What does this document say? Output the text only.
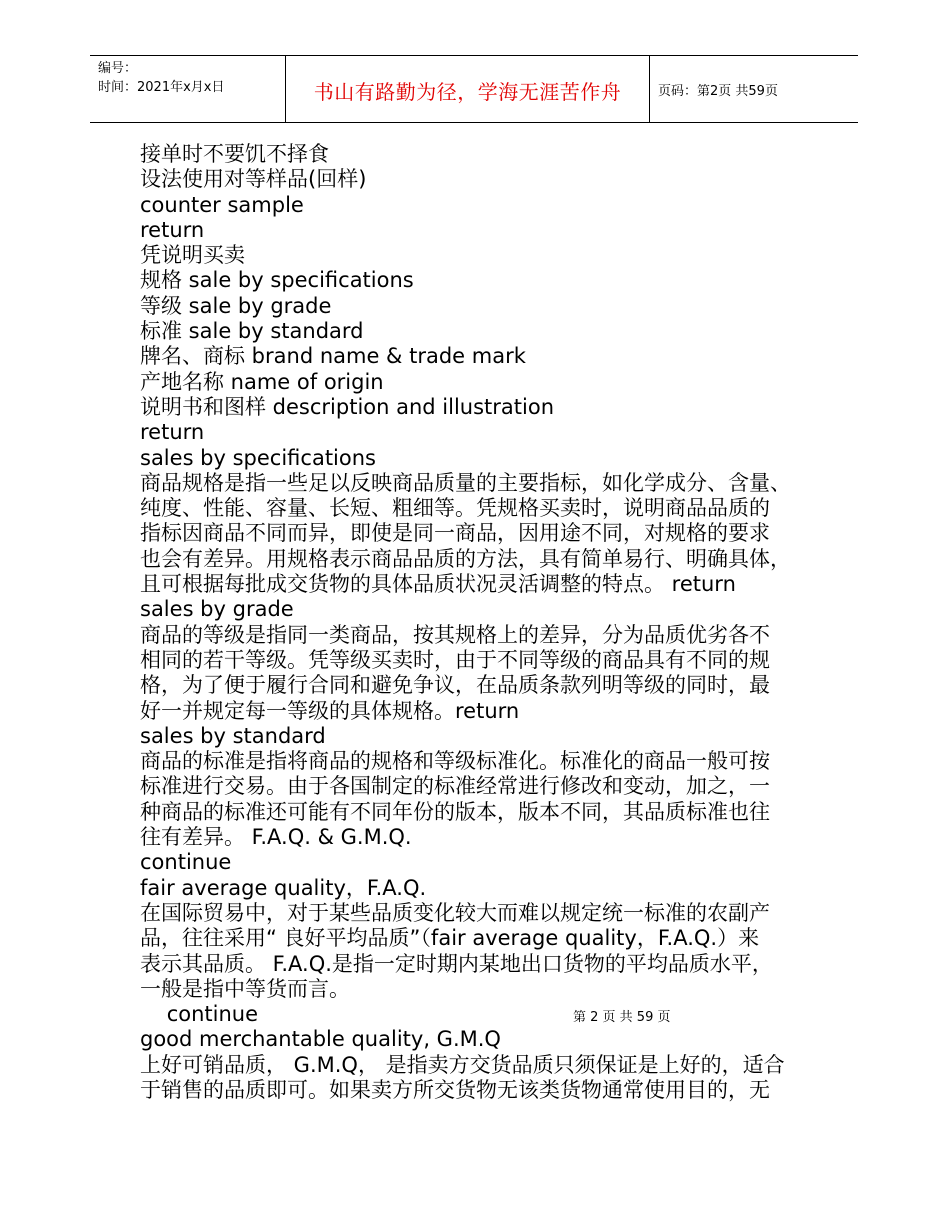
编号：
时间：2021年x月x日	书山有路勤为径，学海无涯苦作舟	页码：第2页 共59页
接单时不要饥不择食
设法使用对等样品(回样)
counter sample
return
凭说明买卖
规格 sale by specifications
等级 sale by grade
标准 sale by standard
牌名、商标 brand name & trade mark
产地名称 name of origin
说明书和图样 description and illustration
return
sales by specifications
商品规格是指一些足以反映商品质量的主要指标，如化学成分、含量、
纯度、性能、容量、长短、粗细等。凭规格买卖时，说明商品品质的
指标因商品不同而异，即使是同一商品，因用途不同，对规格的要求
也会有差异。用规格表示商品品质的方法，具有简单易行、明确具体，
且可根据每批成交货物的具体品质状况灵活调整的特点。 return
sales by grade
商品的等级是指同一类商品，按其规格上的差异，分为品质优劣各不
相同的若干等级。凭等级买卖时，由于不同等级的商品具有不同的规
格，为了便于履行合同和避免争议，在品质条款列明等级的同时，最
好一并规定每一等级的具体规格。return
sales by standard
商品的标准是指将商品的规格和等级标准化。标准化的商品一般可按
标准进行交易。由于各国制定的标准经常进行修改和变动，加之，一
种商品的标准还可能有不同年份的版本，版本不同，其品质标准也往
往有差异。 F.A.Q. & G.M.Q.
continue
fair average quality，F.A.Q.
在国际贸易中，对于某些品质变化较大而难以规定统一标准的农副产
品，往往采用“ 良好平均品质”（fair average quality，F.A.Q.）来
表示其品质。 F.A.Q.是指一定时期内某地出口货物的平均品质水平，
一般是指中等货而言。
continue
good merchantable quality, G.M.Q
上好可销品质， G.M.Q， 是指卖方交货品质只须保证是上好的，适合
于销售的品质即可。如果卖方所交货物无该类货物通常使用目的，无
第 2 页 共 59 页
